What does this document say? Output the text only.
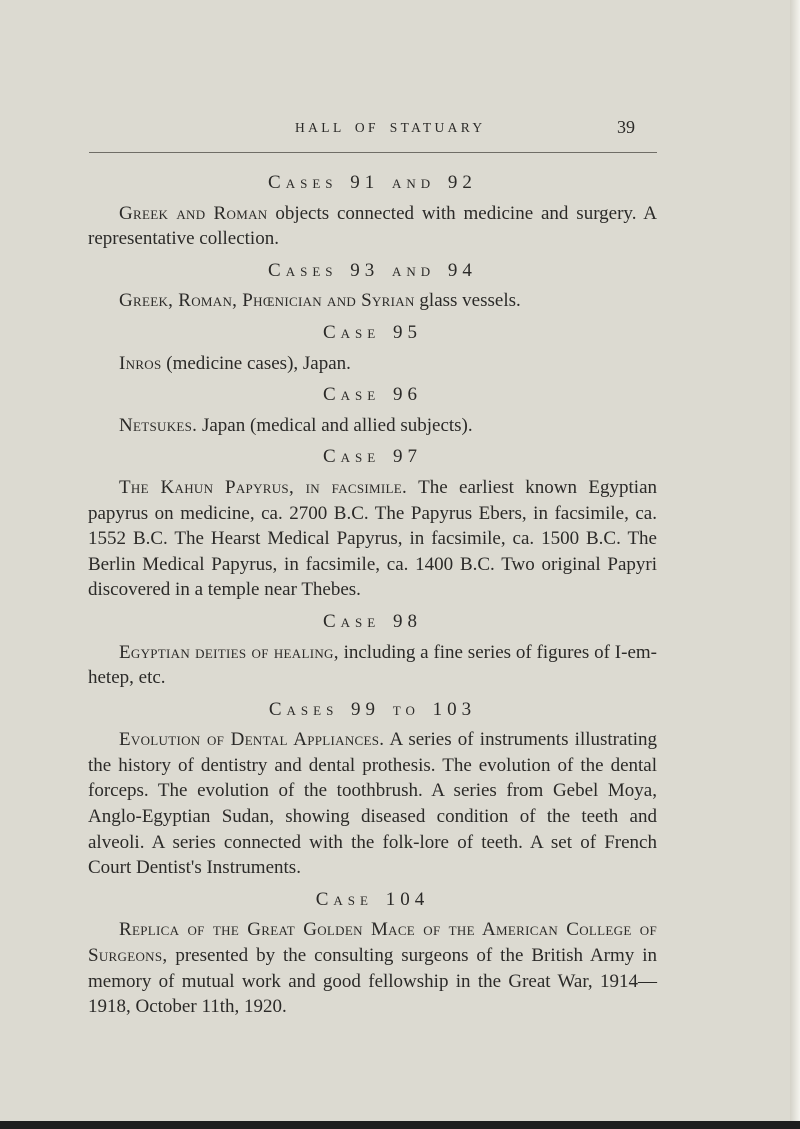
HALL OF STATUARY	39
Cases 91 and 92

Greek and Roman objects connected with medicine and surgery. A representative collection.

Cases 93 and 94

Greek, Roman, Phœnician and Syrian glass vessels.

Case 95

Inros (medicine cases), Japan.

Case 96

Netsukes. Japan (medical and allied subjects).

Case 97

The Kahun Papyrus, in facsimile. The earliest known Egyptian papyrus on medicine, ca. 2700 B.C. The Papyrus Ebers, in facsimile, ca. 1552 B.C. The Hearst Medical Papyrus, in facsimile, ca. 1500 B.C. The Berlin Medical Papyrus, in facsimile, ca. 1400 B.C. Two original Papyri discovered in a temple near Thebes.

Case 98

Egyptian deities of healing, including a fine series of figures of I-em-hetep, etc.

Cases 99 to 103

Evolution of Dental Appliances. A series of instruments illustrating the history of dentistry and dental prothesis. The evolution of the dental forceps. The evolution of the toothbrush. A series from Gebel Moya, Anglo-Egyptian Sudan, showing diseased condition of the teeth and alveoli. A series connected with the folk-lore of teeth. A set of French Court Dentist's Instruments.

Case 104

Replica of the Great Golden Mace of the American College of Surgeons, presented by the consulting surgeons of the British Army in memory of mutual work and good fellowship in the Great War, 1914—1918, October 11th, 1920.
